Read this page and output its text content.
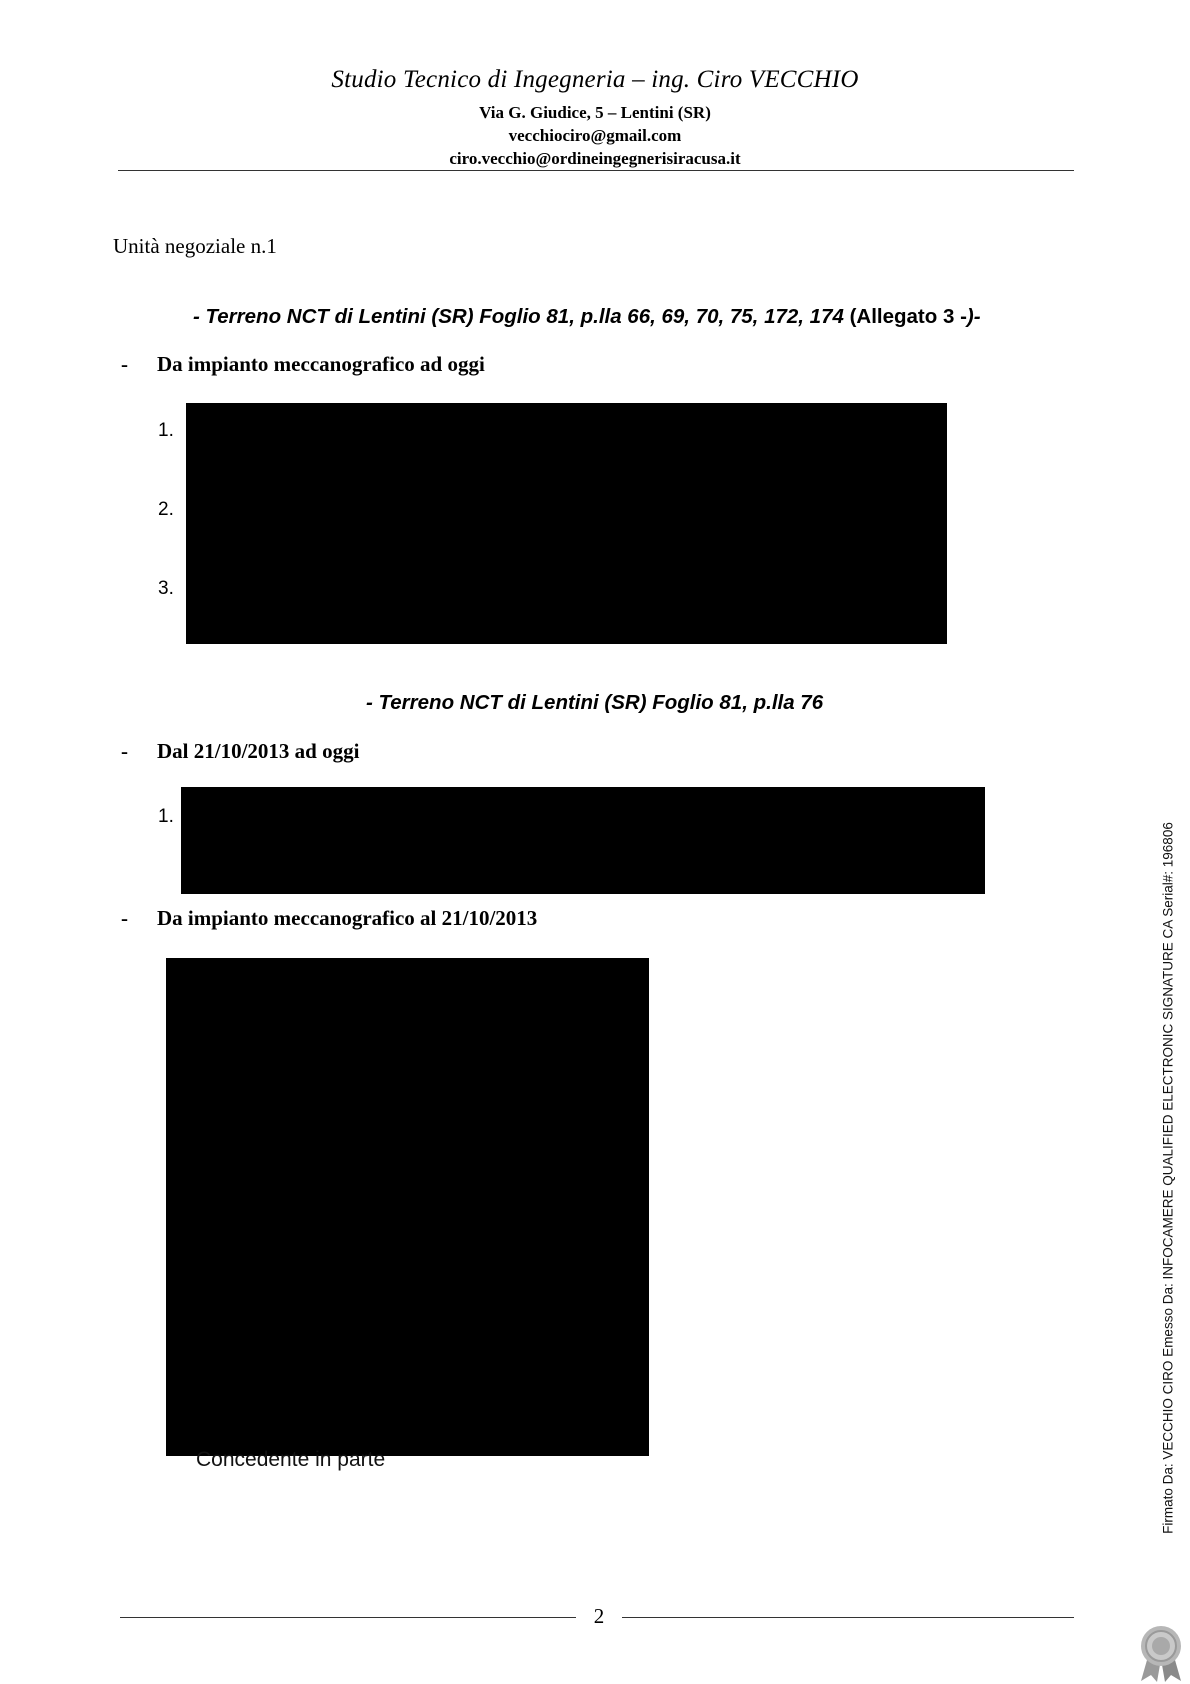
Studio Tecnico di Ingegneria – ing. Ciro VECCHIO
Via G. Giudice, 5 – Lentini (SR)
vecchiociro@gmail.com
ciro.vecchio@ordineingegnerisiracusa.it
Unità negoziale n.1
- Terreno NCT di Lentini (SR) Foglio 81, p.lla 66, 69, 70, 75, 172, 174 (Allegato 3 -)-
- Da impianto meccanografico ad oggi
1.
2.
3.
- Terreno NCT di Lentini (SR) Foglio 81, p.lla 76
- Dal 21/10/2013 ad oggi
1.
- Da impianto meccanografico al 21/10/2013
Concedente in parte
2
Firmato Da: VECCHIO CIRO Emesso Da: INFOCAMERE QUALIFIED ELECTRONIC SIGNATURE CA Serial#: 196806
